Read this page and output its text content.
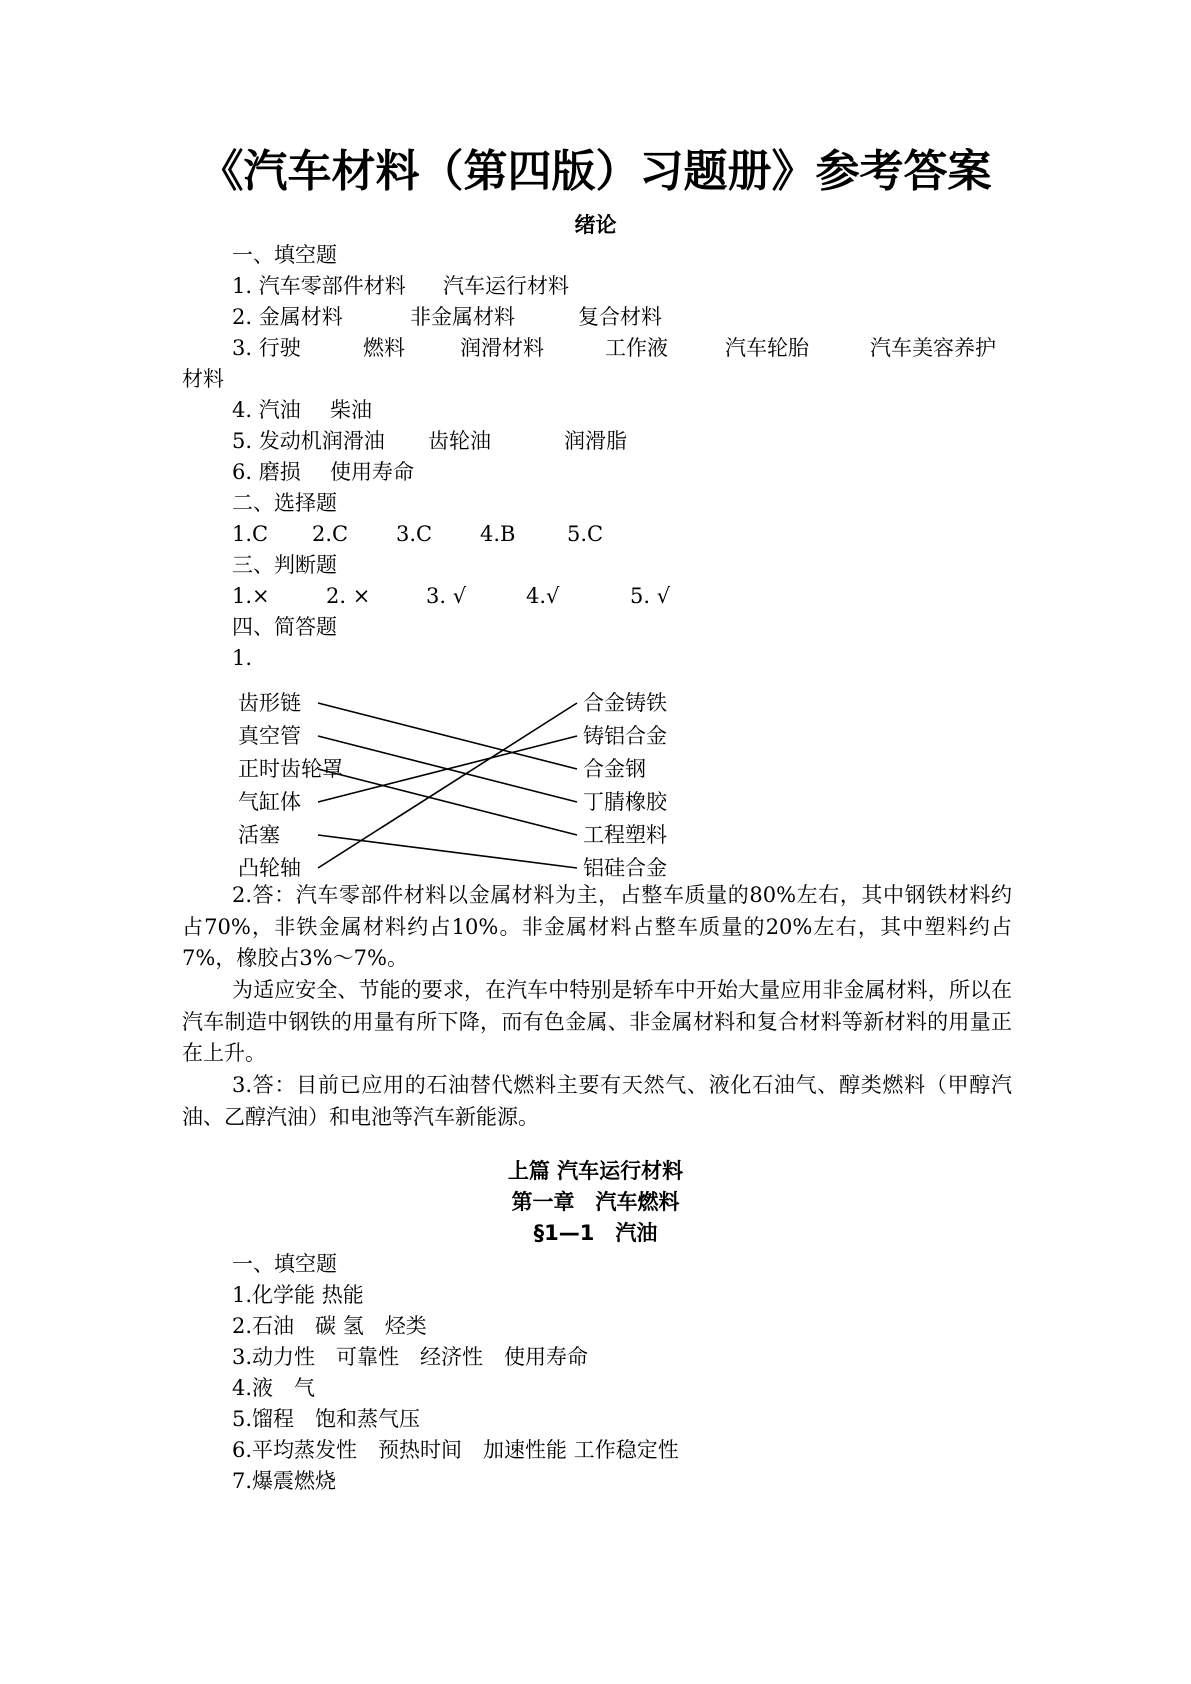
《汽车材料（第四版）习题册》参考答案
绪论
一、填空题
1. 汽车零部件材料 汽车运行材料
2. 金属材料	非金属材料	复合材料
3. 行驶	燃料	润滑材料	工作液	汽车轮胎	汽车美容养护
材料
4. 汽油 柴油
5. 发动机润滑油 齿轮油	润滑脂
6. 磨损 使用寿命
二、选择题
1.C 2.C 3.C 4.B 5.C
三、判断题
1.×	2. ×	3. √	4.√	5. √
四、简答题
1.
齿形链
真空管
正时齿轮罩
气缸体
活塞
凸轮轴
合金铸铁
铸铝合金
合金钢
丁腈橡胶
工程塑料
铝硅合金
2.答：汽车零部件材料以金属材料为主，占整车质量的80%左右，其中钢铁材料约占70%，非铁金属材料约占10%。非金属材料占整车质量的20%左右，其中塑料约占7%，橡胶占3%～7%。
为适应安全、节能的要求，在汽车中特别是轿车中开始大量应用非金属材料，所以在汽车制造中钢铁的用量有所下降，而有色金属、非金属材料和复合材料等新材料的用量正在上升。
3.答：目前已应用的石油替代燃料主要有天然气、液化石油气、醇类燃料（甲醇汽油、乙醇汽油）和电池等汽车新能源。
上篇 汽车运行材料
第一章　汽车燃料
§1—1　汽油
一、填空题
1.化学能 热能
2.石油　碳 氢　烃类
3.动力性　可靠性　经济性　使用寿命
4.液　气
5.馏程　饱和蒸气压
6.平均蒸发性　预热时间　加速性能 工作稳定性
7.爆震燃烧
